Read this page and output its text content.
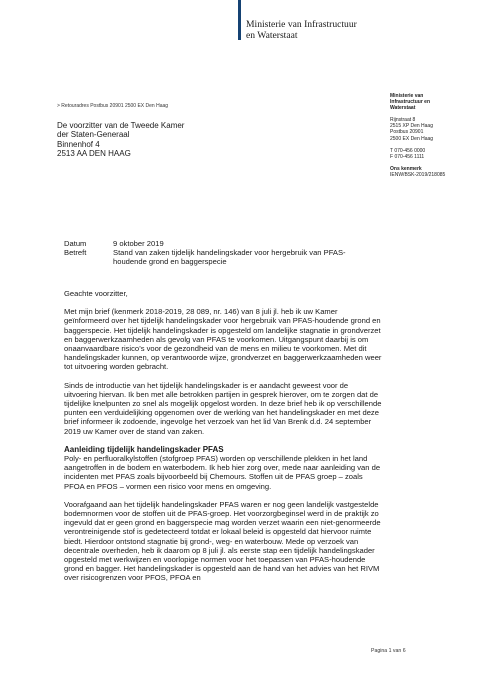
Ministerie van Infrastructuur
en Waterstaat
> Retouradres Postbus 20901 2500 EX Den Haag
De voorzitter van de Tweede Kamer
der Staten-Generaal
Binnenhof 4
2513 AA DEN HAAG
Ministerie van
Infrastructuur en
Waterstaat
Rijnstraat 8
2515 XP Den Haag
Postbus 20901
2500 EX Den Haag
T 070-456 0000
F 070-456 1111
Ons kenmerk
IENW/BSK-2019/218085
Datum	9 oktober 2019
Betreft	Stand van zaken tijdelijk handelingskader voor hergebruik van PFAS-houdende grond en baggerspecie

Geachte voorzitter,

Met mijn brief (kenmerk 2018-2019, 28 089, nr. 146) van 8 juli jl. heb ik uw Kamer geïnformeerd over het tijdelijk handelingskader voor hergebruik van PFAS-houdende grond en baggerspecie. Het tijdelijk handelingskader is opgesteld om landelijke stagnatie in grondverzet en baggerwerkzaamheden als gevolg van PFAS te voorkomen. Uitgangspunt daarbij is om onaanvaardbare risico’s voor de gezondheid van de mens en milieu te voorkomen. Met dit handelingskader kunnen, op verantwoorde wijze, grondverzet en baggerwerkzaamheden weer tot uitvoering worden gebracht.

Sinds de introductie van het tijdelijk handelingskader is er aandacht geweest voor de uitvoering hiervan. Ik ben met alle betrokken partijen in gesprek hierover, om te zorgen dat de tijdelijke knelpunten zo snel als mogelijk opgelost worden. In deze brief heb ik op verschillende punten een verduidelijking opgenomen over de werking van het handelingskader en met deze brief informeer ik zodoende, ingevolge het verzoek van het lid Van Brenk d.d. 24 september 2019 uw Kamer over de stand van zaken.

Aanleiding tijdelijk handelingskader PFAS

Poly- en perfluoralkylstoffen (stofgroep PFAS) worden op verschillende plekken in het land aangetroffen in de bodem en waterbodem. Ik heb hier zorg over, mede naar aanleiding van de incidenten met PFAS zoals bijvoorbeeld bij Chemours. Stoffen uit de PFAS groep – zoals PFOA en PFOS – vormen een risico voor mens en omgeving.

Voorafgaand aan het tijdelijk handelingskader PFAS waren er nog geen landelijk vastgestelde bodemnormen voor de stoffen uit de PFAS-groep. Het voorzorgbeginsel werd in de praktijk zo ingevuld dat er geen grond en baggerspecie mag worden verzet waarin een niet-genormeerde verontreinigende stof is gedetecteerd totdat er lokaal beleid is opgesteld dat hiervoor ruimte biedt. Hierdoor ontstond stagnatie bij grond-, weg- en waterbouw. Mede op verzoek van decentrale overheden, heb ik daarom op 8 juli jl. als eerste stap een tijdelijk handelingskader opgesteld met werkwijzen en voorlopige normen voor het toepassen van PFAS-houdende grond en bagger. Het handelingskader is opgesteld aan de hand van het advies van het RIVM over risicogrenzen voor PFOS, PFOA en

Pagina 1 van 6
